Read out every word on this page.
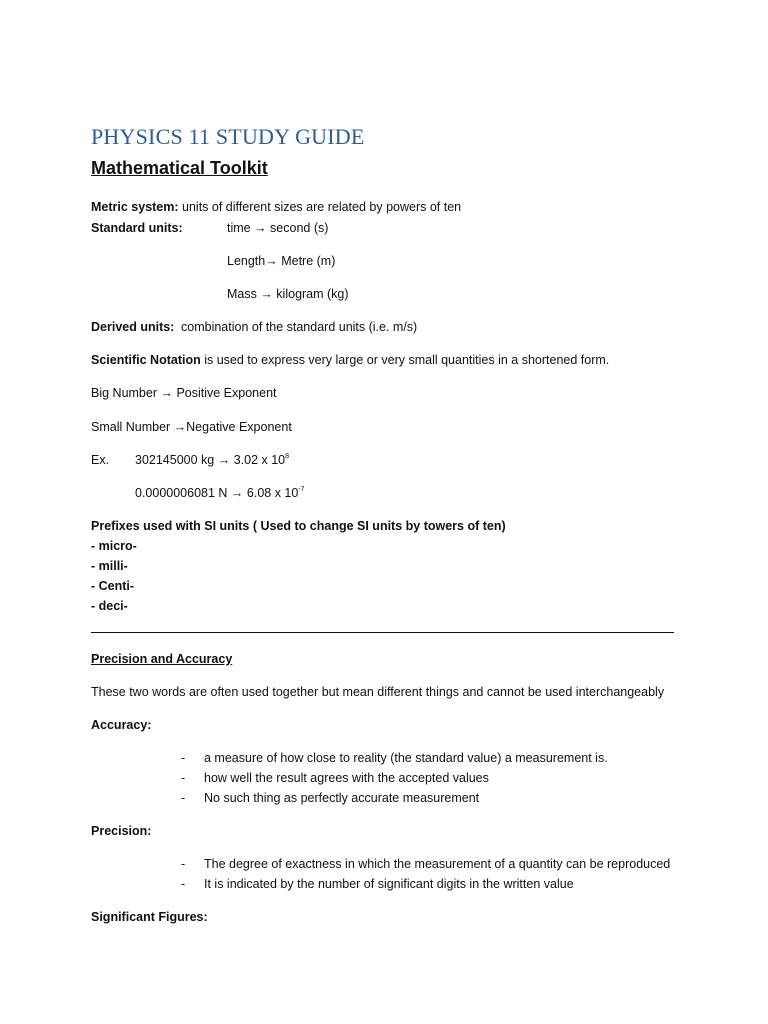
PHYSICS 11 STUDY GUIDE
Mathematical Toolkit
Metric system: units of different sizes are related by powers of ten
Standard units:	time → second (s)
Length→ Metre (m)
Mass → kilogram (kg)
Derived units: combination of the standard units (i.e. m/s)
Scientific Notation is used to express very large or very small quantities in a shortened form.
Big Number → Positive Exponent
Small Number →Negative Exponent
Ex. 302145000 kg → 3.02 x $10^8$
0.0000006081 N → 6.08 x $10^{-7}$
Prefixes used with SI units ( Used to change SI units by towers of ten)
- micro-
- milli-
- Centi-
- deci-
Precision and Accuracy
These two words are often used together but mean different things and cannot be used interchangeably
Accuracy:
- a measure of how close to reality (the standard value) a measurement is.
- how well the result agrees with the accepted values
- No such thing as perfectly accurate measurement
Precision:
- The degree of exactness in which the measurement of a quantity can be reproduced
- It is indicated by the number of significant digits in the written value
Significant Figures:
